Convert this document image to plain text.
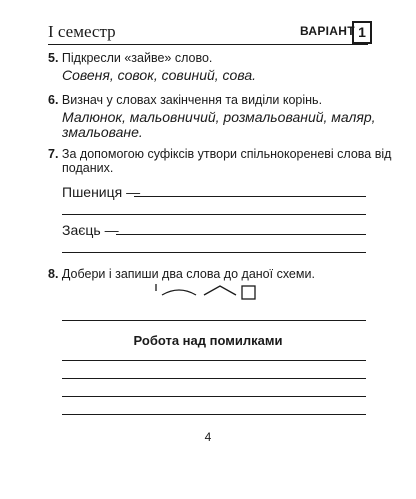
І семестр	ВАРІАНТ 1
5. Підкресли «зайве» слово.
Совеня, совок, совиний, сова.
6. Визнач у словах закінчення та виділи корінь.
Малюнок, мальовничий, розмальований, маляр,
змальоване.
7. За допомогою суфіксів утвори спільнокореневі слова від
поданих.
Пшениця —
Заєць —
8. Добери і запиши два слова до даної схеми.
Робота над помилками
4
